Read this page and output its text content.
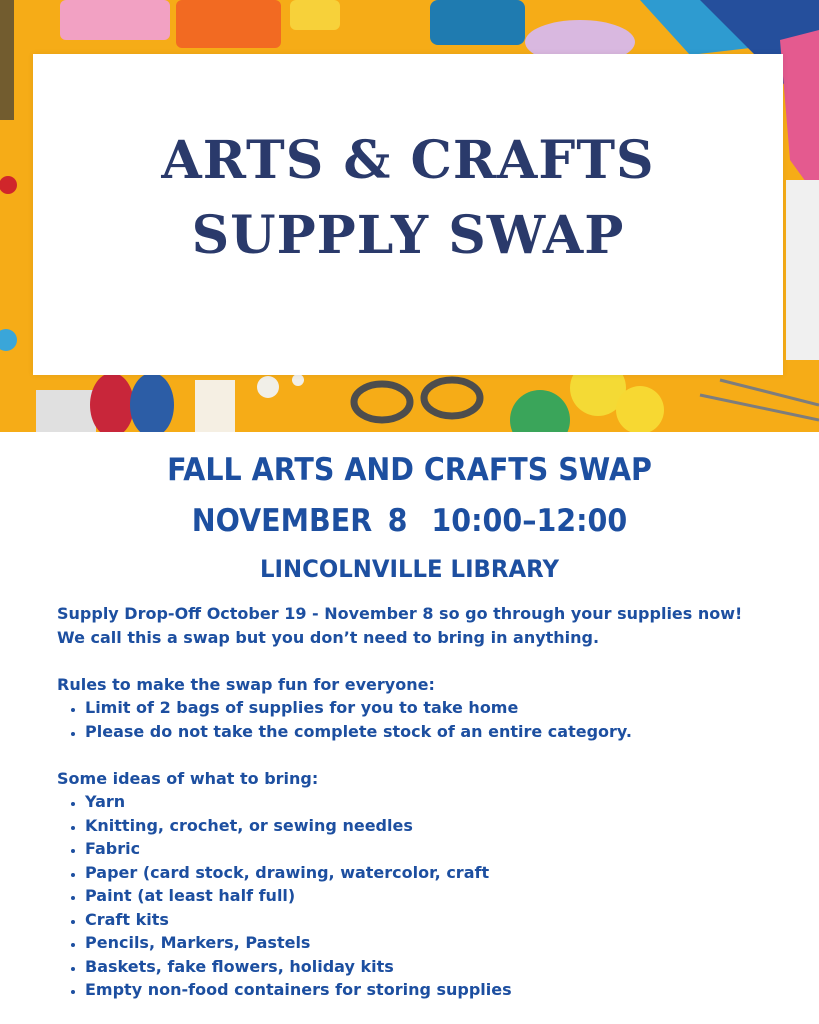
ARTS & CRAFTS
SUPPLY SWAP
FALL ARTS AND CRAFTS SWAP
NOVEMBER 8 10:00–12:00
LINCOLNVILLE LIBRARY

Supply Drop-Off October 19 - November 8 so go through your supplies now!

We call this a swap but you don’t need to bring in anything.

Rules to make the swap fun for everyone:

• Limit of 2 bags of supplies for you to take home
• Please do not take the complete stock of an entire category.

Some ideas of what to bring:

• Yarn
• Knitting, crochet, or sewing needles
• Fabric
• Paper (card stock, drawing, watercolor, craft
• Paint (at least half full)
• Craft kits
• Pencils, Markers, Pastels
• Baskets, fake flowers, holiday kits
• Empty non-food containers for storing supplies
